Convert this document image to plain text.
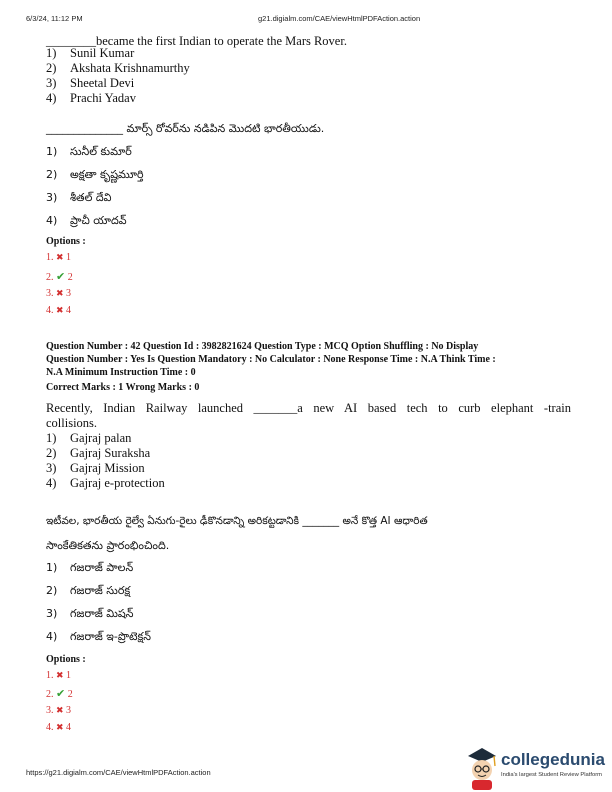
6/3/24, 11:12 PM	g21.digialm.com/CAE/viewHtmlPDFAction.action
________became the first Indian to operate the Mars Rover.
1) Sunil Kumar
2) Akshata Krishnamurthy
3) Sheetal Devi
4) Prachi Yadav
______________ మార్స్ రోవర్‌ను నడిపిన మొదటి భారతీయుడు.
1) సునీల్ కుమార్
2) అక్షతా కృష్ణమూర్తి
3) శీతల్ దేవి
4) ప్రాచీ యాదవ్
Options :
1. ✖ 1
2. ✔ 2
3. ✖ 3
4. ✖ 4
Question Number : 42 Question Id : 3982821624 Question Type : MCQ Option Shuffling : No Display
Question Number : Yes Is Question Mandatory : No Calculator : None Response Time : N.A Think Time :
N.A Minimum Instruction Time : 0
Correct Marks : 1 Wrong Marks : 0
Recently, Indian Railway launched _______a new AI based tech to curb elephant -train
collisions.
1) Gajraj palan
2) Gajraj Suraksha
3) Gajraj Mission
4) Gajraj e-protection
ఇటీవల, భారతీయ రైల్వే ఏనుగు-రైలు ఢీకొనడాన్ని అరికట్టడానికి _______ అనే కొత్త AI ఆధారిత
సాంకేతికతను ప్రారంభించింది.
1) గజరాజ్ పాలన్
2) గజరాజ్ సురక్ష
3) గజరాజ్ మిషన్
4) గజరాజ్ ఇ-ప్రొటెక్షన్
Options :
1. ✖ 1
2. ✔ 2
3. ✖ 3
4. ✖ 4
https://g21.digialm.com/CAE/viewHtmlPDFAction.action
collegedunia
India's largest Student Review Platform
